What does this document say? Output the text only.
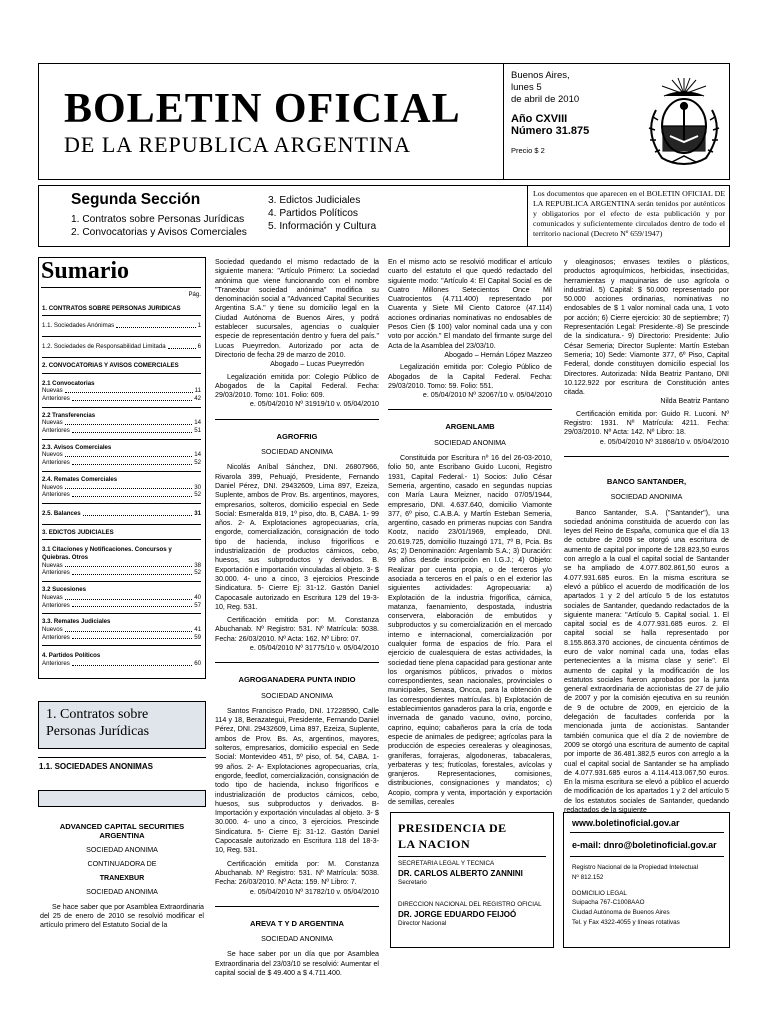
BOLETIN OFICIAL
DE LA REPUBLICA ARGENTINA
Buenos Aires,
lunes 5
de abril de 2010
Año CXVIII
Número 31.875
Precio $ 2
Segunda Sección
1. Contratos sobre Personas Jurídicas
2. Convocatorias y Avisos Comerciales
3. Edictos Judiciales
4. Partidos Políticos
5. Información y Cultura
Los documentos que aparecen en el BOLETIN OFICIAL DE LA REPUBLICA ARGENTINA serán tenidos por auténticos y obligatorios por el efecto de esta publicación y por comunicados y suficientemente circulados dentro de todo el territorio nacional (Decreto Nº 659/1947)
Sumario
Pág.
1. CONTRATOS SOBRE PERSONAS JURIDICAS
1.1. Sociedades Anónimas	1
1.2. Sociedades de Responsabilidad Limitada	6
2. CONVOCATORIAS Y AVISOS COMERCIALES
2.1 Convocatorias
Nuevas	11
Anteriores	42
2.2 Transferencias
Nuevas	14
Anteriores	51
2.3. Avisos Comerciales
Nuevos	14
Anteriores	52
2.4. Remates Comerciales
Nuevos	30
Anteriores	52
2.5. Balances	31
3. EDICTOS JUDICIALES
3.1 Citaciones y Notificaciones. Concursos y Quiebras. Otros
Nuevas	38
Anteriores	52
3.2 Sucesiones
Nuevas	40
Anteriores	57
3.3. Remates Judiciales
Nuevos	41
Anteriores	59
4. Partidos Políticos
Anteriores	60
1. Contratos sobre Personas Jurídicas
1.1. SOCIEDADES ANONIMAS

ADVANCED CAPITAL SECURITIES ARGENTINA

SOCIEDAD ANONIMA

CONTINUADORA DE

TRANEXBUR

SOCIEDAD ANONIMA

Se hace saber que por Asamblea Extraordinaria del 25 de enero de 2010 se resolvió modificar el artículo primero del Estatuto Social de la

Sociedad quedando el mismo redactado de la siguiente manera: "Artículo Primero: La sociedad anónima que viene funcionando con el nombre "Tranexbur sociedad anónima" modifica su denominación social a "Advanced Capital Securities Argentina S.A." y tiene su domicilio legal en la Ciudad Autónoma de Buenos Aires, y podrá establecer sucursales, agencias o cualquier especie de representación dentro y fuera del país." Lucas Pueyrredon. Autorizado por acta de Directorio de fecha 29 de marzo de 2010.

Abogado – Lucas Pueyrredón

Legalización emitida por: Colegio Público de Abogados de la Capital Federal. Fecha: 29/03/2010. Tomo: 101. Folio: 609.

e. 05/04/2010 Nº 31919/10 v. 05/04/2010

AGROFRIG

SOCIEDAD ANONIMA

Nicolás Aníbal Sánchez, DNI. 26807966, Rivarola 399, Pehuajó, Presidente, Fernando Daniel Pérez, DNI. 29432609, Lima 897, Ezeiza, Suplente, ambos de Prov. Bs. argentinos, mayores, empresarios, solteros, domicilio especial en Sede Social: Esmeralda 819, 1º piso, dto. B, CABA. 1- 99 años. 2- A. Explotaciones agropecuarias, cría, engorde, comercialización, consignación de todo tipo de hacienda, incluso frigoríficos e industrialización de productos cárnicos, cebo, huesos, sus subproductos y derivados. B. Exportación e importación vinculadas al objeto. 3- $ 30.000. 4- uno a cinco, 3 ejercicios Prescinde Sindicatura. 5- Cierre Ej: 31-12. Gastón Daniel Capocasale autorizado en Escritura 129 del 19-3-10, Reg. 531.

Certificación emitida por: M. Constanza Abuchanab. Nº Registro: 531. Nº Matrícula: 5038. Fecha: 26/03/2010. Nº Acta: 162. Nº Libro: 07.

e. 05/04/2010 Nº 31775/10 v. 05/04/2010

AGROGANADERA PUNTA INDIO

SOCIEDAD ANONIMA

Santos Francisco Prado, DNI. 17228590, Calle 114 y 18, Berazategui, Presidente, Fernando Daniel Pérez, DNI. 29432609, Lima 897, Ezeiza, Suplente, ambos de Prov. Bs. As, argentinos, mayores, solteros, empresarios, domicilio especial en Sede Social: Montevideo 451, 5º piso, of. 54, CABA. 1- 99 años. 2- A- Explotaciones agropecuarias, cría, engorde, feedlot, comercialización, consignación de todo tipo de hacienda, incluso frigoríficos e industrialización de productos cárnicos, cebo, huesos, sus subproductos y derivados. B- Importación y exportación vinculadas al objeto. 3- $ 30.000. 4- uno a cinco, 3 ejercicios. Prescinde Sindicatura. 5- Cierre Ej: 31-12. Gastón Daniel Capocasale autorizado en Escritura 118 del 18-3-10, Reg. 531.

Certificación emitida por: M. Constanza Abuchanab. Nº Registro: 531. Nº Matrícula: 5038. Fecha: 26/03/2010. Nº Acta: 159. Nº Libro: 7.

e. 05/04/2010 Nº 31782/10 v. 05/04/2010

AREVA T Y D ARGENTINA

SOCIEDAD ANONIMA

Se hace saber por un día que por Asamblea Extraordinaria del 23/03/10 se resolvió: Aumentar el capital social de $ 49.400 a $ 4.711.400.

En el mismo acto se resolvió modificar el artículo cuarto del estatuto el que quedó redactado del siguiente modo: "Artículo 4: El Capital Social es de Cuatro Millones Setecientos Once Mil Cuatrocientos (4.711.400) representado por Cuarenta y Siete Mil Ciento Catorce (47.114) acciones ordinarias nominativas no endosables de Pesos Cien ($ 100) valor nominal cada una y con voto por acción." El mandato del firmante surge del Acta de la Asamblea del 23/03/10.

Abogado – Hernán López Mazzeo

Legalización emitida por: Colegio Público de Abogados de la Capital Federal. Fecha: 29/03/2010. Tomo: 59. Folio: 551.

e. 05/04/2010 Nº 32067/10 v. 05/04/2010

ARGENLAMB

SOCIEDAD ANONIMA

Constituida por Escritura nº 16 del 26-03-2010, folio 50, ante Escribano Guido Luconi, Registro 1931, Capital Federal.- 1) Socios: Julio César Semeria, argentino, casado en segundas nupcias con María Laura Meizner, nacido 07/05/1944, empresario, DNI. 4.637.640, domicilio Viamonte 377, 6º piso, C.A.B.A. y Martín Esteban Semeria, argentino, casado en primeras nupcias con Sandra Kootz, nacido 23/01/1969, empleado, DNI. 20.619.725, domicilio Ituzaingó 171, 7º B, Pcia. Bs As; 2) Denominación: Argenlamb S.A.; 3) Duración: 99 años desde inscripción en I.G.J.; 4) Objeto: Realizar por cuenta propia, o de terceros y/o asociada a terceros en el país o en el exterior las siguientes actividades: Agropecuaria: a) Explotación de la industria frigorífica, cárnica, matanza, faenamiento, despostada, industria conservera, elaboración de embutidos y subproductos y su comercialización en el mercado interno e internacional, comercialización por cualquier forma de espacios de frío. Para el ejercicio de cualesquiera de estas actividades, la sociedad tiene plena capacidad para gestionar ante los organismos públicos, privados o mixtos correspondientes, sean nacionales, provinciales o municipales, Senasa, Oncca, para la obtención de las correspondientes matrículas. b) Explotación de establecimientos ganaderos para la cría, engorde e invernada de ganado vacuno, ovino, porcino, caprino, equino; cabañeros para la cría de toda especie de animales de pedigree; agrícolas para la producción de especies cerealeras y oleaginosas, graníferas, forrajeras, algodoneras, tabacaleras, yerbateras y tes; frutícolas, forestales, avícolas y granjeros. Representaciones, comisiones, distribuciones, consignaciones y mandatos; c) Acopio, compra y venta, importación y exportación de semillas, cereales

y oleaginosos; envases textiles o plásticos, productos agroquímicos, herbicidas, insecticidas, herramientas y maquinarias de uso agrícola o industrial. 5) Capital: $ 50.000 representado por 50.000 acciones ordinarias, nominativas no endosables de $ 1 valor nominal cada una, 1 voto por acción; 6) Cierre ejercicio: 30 de septiembre; 7) Representación Legal: Presidente.-8) Se prescinde de la sindicatura.- 9) Directorio: Presidente: Julio César Semeria; Director Suplente: Martín Esteban Semeria; 10) Sede: Viamonte 377, 6º Piso, Capital Federal, donde constituyen domicilio especial los Directores. Autorizada: Nilda Beatriz Pantano, DNI 10.122.922 por escritura de Constitución antes citada.

Nilda Beatriz Pantano

Certificación emitida por: Guido R. Luconi. Nº Registro: 1931. Nº Matrícula: 4211. Fecha: 29/03/2010. Nº Acta: 142. Nº Libro: 18.

e. 05/04/2010 Nº 31868/10 v. 05/04/2010

BANCO SANTANDER,

SOCIEDAD ANONIMA

Banco Santander, S.A. ("Santander"), una sociedad anónima constituida de acuerdo con las leyes del Reino de España, comunica que el día 13 de octubre de 2009 se otorgó una escritura de aumento de capital por importe de 128.823,50 euros con arreglo a la cual el capital social de Santander se ha ampliado de 4.077.802.861,50 euros a 4.077.931.685 euros. En la misma escritura se elevó a público el acuerdo de modificación de los apartados 1 y 2 del artículo 5 de los estatutos sociales de Santander, quedando redactados de la siguiente manera: "Artículo 5. Capital social. 1. El capital social es de 4.077.931.685 euros. 2. El capital social se halla representado por 8.155.863.370 acciones, de cincuenta céntimos de euro de valor nominal cada una, todas ellas pertenecientes a la misma clase y serie". El aumento de capital y la modificación de los estatutos sociales fueron aprobados por la junta general extraordinaria de accionistas de 27 de julio de 2007 y por la comisión ejecutiva en su reunión de 9 de octubre de 2009, en ejercicio de la delegación de facultades conferida por la mencionada junta de accionistas. Santander también comunica que el día 2 de noviembre de 2009 se otorgó una escritura de aumento de capital por importe de 36.481.382,5 euros con arreglo a la cual el capital social de Santander se ha ampliado de 4.077.931.685 euros a 4.114.413.067,50 euros. En la misma escritura se elevó a público el acuerdo de modificación de los apartados 1 y 2 del artículo 5 de los estatutos sociales de Santander, quedando redactados de la siguiente

PRESIDENCIA DE
LA NACION
SECRETARIA LEGAL Y TECNICA
DR. CARLOS ALBERTO ZANNINI
Secretario
DIRECCION NACIONAL DEL REGISTRO OFICIAL
DR. JORGE EDUARDO FEIJOÓ
Director Nacional
www.boletinoficial.gov.ar
e-mail: dnro@boletinoficial.gov.ar
Registro Nacional de la Propiedad Intelectual
Nº 812.152
DOMICILIO LEGAL
Suipacha 767-C1008AAO
Ciudad Autónoma de Buenos Aires
Tel. y Fax 4322-4055 y líneas rotativas
